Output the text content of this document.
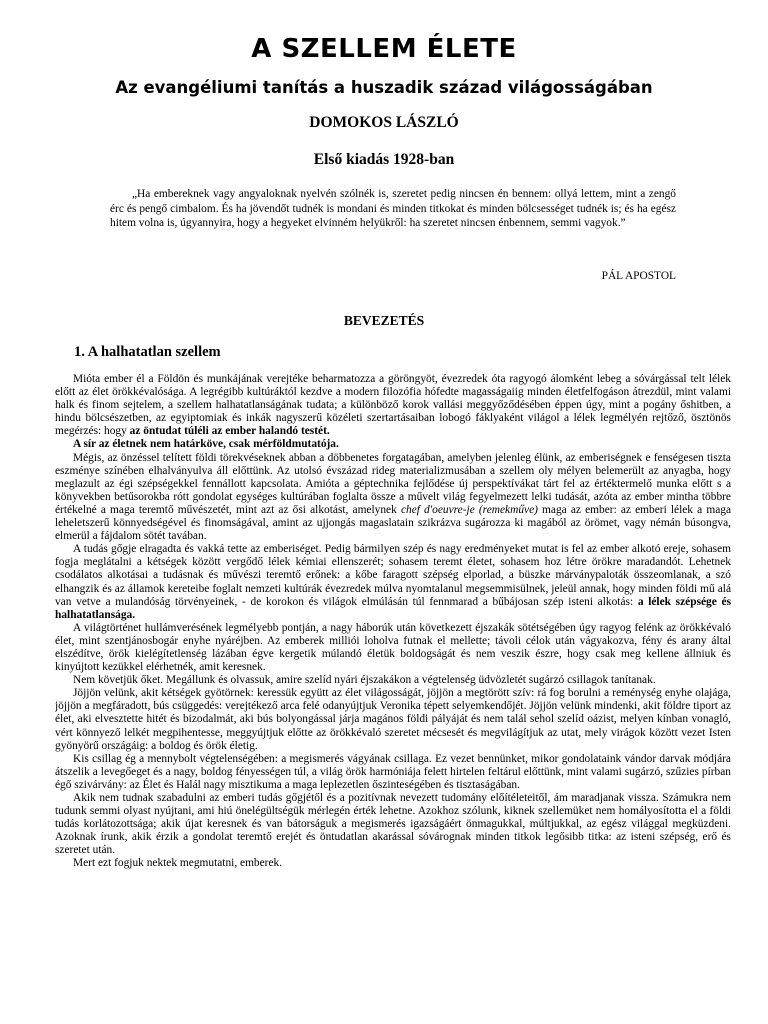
A SZELLEM ÉLETE
Az evangéliumi tanítás a huszadik század világosságában
DOMOKOS LÁSZLÓ
Első kiadás 1928-ban

„Ha embereknek vagy angyaloknak nyelvén szólnék is, szeretet pedig nincsen én bennem: ollyá lettem, mint a zengő érc és pengő cimbalom. És ha jövendőt tudnék is mondani és minden titkokat és minden bölcsességet tudnék is; és ha egész hitem volna is, úgyannyira, hogy a hegyeket elvinném helyükről: ha szeretet nincsen énbennem, semmi vagyok.”

PÁL APOSTOL
BEVEZETÉS
1. A halhatatlan szellem

Mióta ember él a Földön és munkájának verejtéke beharmatozza a göröngyöt, évezredek óta ragyogó álomként lebeg a sóvárgással telt lélek előtt az élet örökkévalósága. A legrégibb kultúráktól kezdve a modern filozófia hófedte magasságaiig minden életfelfogáson átrezdül, mint valami halk és finom sejtelem, a szellem halhatatlanságának tudata; a különböző korok vallási meggyőződésében éppen úgy, mint a pogány őshitben, a hindu bölcsészetben, az egyiptomiak és inkák nagyszerű közéleti szertartásaiban lobogó fáklyaként világol a lélek legmélyén rejtőző, ösztönös megérzés: hogy az öntudat túléli az ember halandó testét.

A sír az életnek nem határköve, csak mérföldmutatója.

Mégis, az önzéssel telített földi törekvéseknek abban a döbbenetes forgatagában, amelyben jelenleg élünk, az emberiségnek e fenségesen tiszta eszménye színében elhalványulva áll előttünk. Az utolsó évszázad rideg materializmusában a szellem oly mélyen belemerült az anyagba, hogy meglazult az égi szépségekkel fennállott kapcsolata. Amióta a géptechnika fejlődése új perspektívákat tárt fel az értéktermelő munka előtt s a könyvekben betűsorokba rótt gondolat egységes kultúrában foglalta össze a művelt világ fegyelmezett lelki tudását, azóta az ember mintha többre értékelné a maga teremtő művészetét, mint azt az ősi alkotást, amelynek chef d'oeuvre-je (remekműve) maga az ember: az emberi lélek a maga leheletszerű könnyedségével és finomságával, amint az ujjongás magaslatain szikrázva sugározza ki magából az örömet, vagy némán búsongva, elmerül a fájdalom sötét tavában.

A tudás gőgje elragadta és vakká tette az emberiséget. Pedig bármilyen szép és nagy eredményeket mutat is fel az ember alkotó ereje, sohasem fogja meglátalni a kétségek között vergődő lélek kémiai ellenszerét; sohasem teremt életet, sohasem hoz létre örökre maradandót. Lehetnek csodálatos alkotásai a tudásnak és művészi teremtő erőnek: a kőbe faragott szépség elporlad, a büszke márványpaloták összeomlanak, a szó elhangzik és az államok kereteibe foglalt nemzeti kultúrák évezredek múlva nyomtalanul megsemmisülnek, jeleül annak, hogy minden földi mű alá van vetve a mulandóság törvényeinek, - de korokon és világok elmúlásán túl fennmarad a bűbájosan szép isteni alkotás: a lélek szépsége és halhatatlansága.

A világtörténet hullámverésének legmélyebb pontján, a nagy háborúk után következett éjszakák sötétségében úgy ragyog felénk az örökkévaló élet, mint szentjánosbogár enyhe nyáréjben. Az emberek milliói loholva futnak el mellette; távoli célok után vágyakozva, fény és arany által elszédítve, örök kielégítetlenség lázában égve kergetik múlandó életük boldogságát és nem veszik észre, hogy csak meg kellene állniuk és kinyújtott kezükkel elérhetnék, amit keresnek.

Nem követjük őket. Megállunk és olvassuk, amire szelíd nyári éjszakákon a végtelenség üdvözletét sugárzó csillagok tanítanak.

Jöjjön velünk, akit kétségek gyötörnek: keressük együtt az élet világosságát, jöjjön a megtörött szív: rá fog borulni a reménység enyhe olajága, jöjjön a megfáradott, bús csüggedés: verejtékező arca felé odanyújtjuk Veronika tépett selyemkendőjét. Jöjjön velünk mindenki, akit földre tiport az élet, aki elvesztette hitét és bizodalmát, aki bús bolyongással járja magános földi pályáját és nem talál sehol szelíd oázist, melyen kínban vonagló, vért könnyező lelkét megpihentesse, meggyújtjuk előtte az örökkévaló szeretet mécsesét és megvilágítjuk az utat, mely virágok között vezet Isten gyönyörű országáig: a boldog és örök életig.

Kis csillag ég a mennybolt végtelenségében: a megismerés vágyának csillaga. Ez vezet bennünket, mikor gondolataink vándor darvak módjára átszelik a levegőeget és a nagy, boldog fényességen túl, a világ örök harmóniája felett hirtelen feltárul előttünk, mint valami sugárzó, szűzies pírban égő szivárvány: az Élet és Halál nagy misztikuma a maga leplezetlen őszinteségében és tisztaságában.

Akik nem tudnak szabadulni az emberi tudás gőgjétől és a pozitívnak nevezett tudomány előítéleteitől, ám maradjanak vissza. Számukra nem tudunk semmi olyast nyújtani, ami hiú önelégültségük mérlegén érték lehetne. Azokhoz szólunk, kiknek szellemüket nem homályosította el a földi tudás korlátozottsága; akik újat keresnek és van bátorságuk a megismerés igazságáért önmagukkal, múltjukkal, az egész világgal megküzdeni. Azoknak írunk, akik érzik a gondolat teremtő erejét és öntudatlan akarással sóvárognak minden titkok legősibb titka: az isteni szépség, erő és szeretet után.

Mert ezt fogjuk nektek megmutatni, emberek.
